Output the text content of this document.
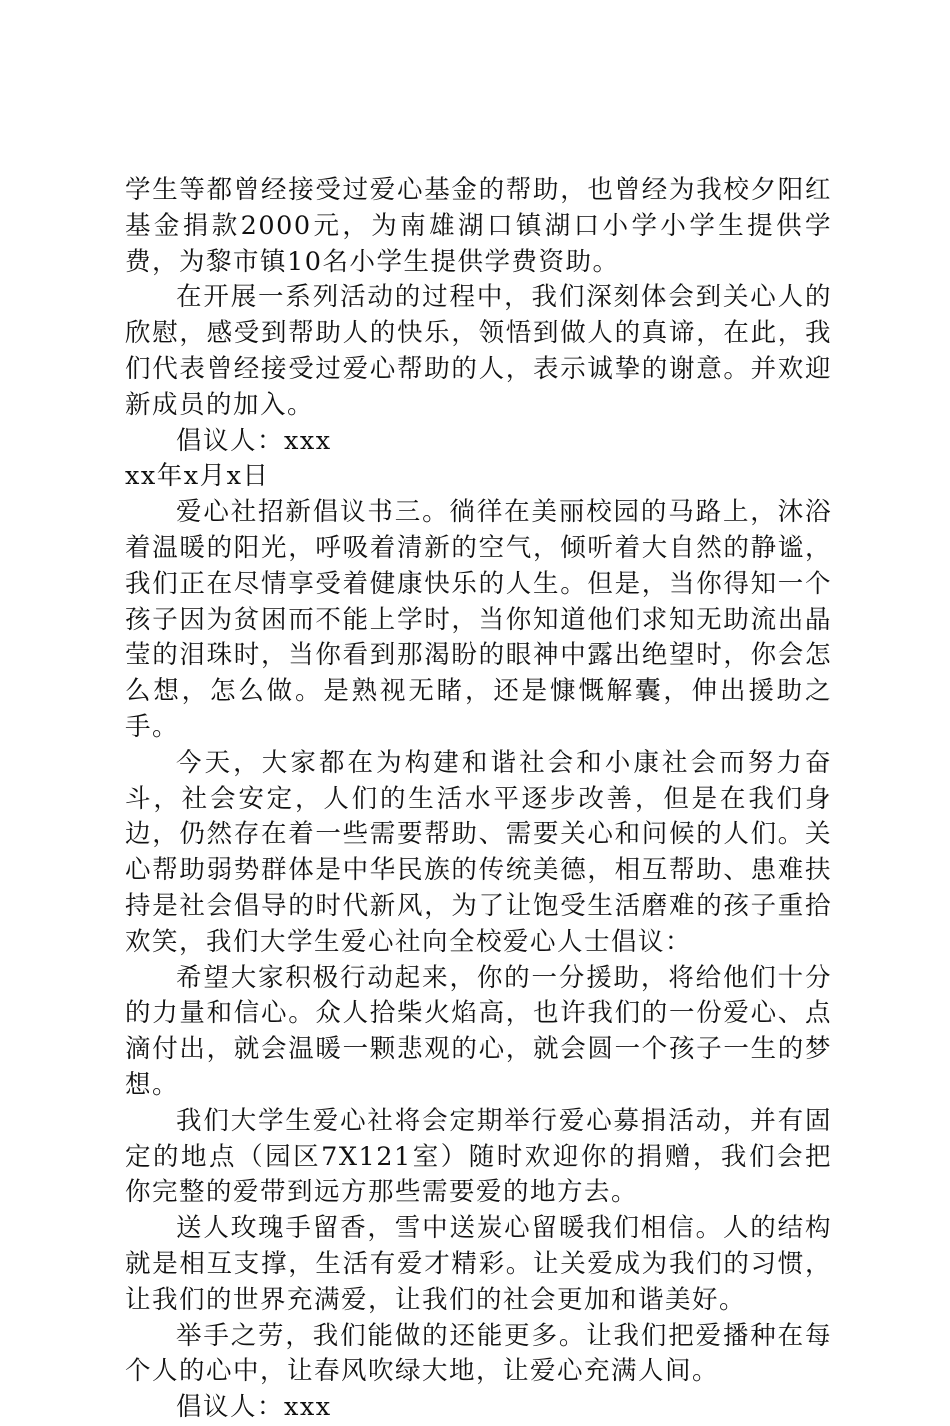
学生等都曾经接受过爱心基金的帮助，也曾经为我校夕阳红基金捐款2000元，为南雄湖口镇湖口小学小学生提供学费，为黎市镇10名小学生提供学费资助。

在开展一系列活动的过程中，我们深刻体会到关心人的欣慰，感受到帮助人的快乐，领悟到做人的真谛，在此，我们代表曾经接受过爱心帮助的人，表示诚挚的谢意。并欢迎新成员的加入。

倡议人：xxx

xx年x月x日

爱心社招新倡议书三。徜徉在美丽校园的马路上，沐浴着温暖的阳光，呼吸着清新的空气，倾听着大自然的静谧，我们正在尽情享受着健康快乐的人生。但是，当你得知一个孩子因为贫困而不能上学时，当你知道他们求知无助流出晶莹的泪珠时，当你看到那渴盼的眼神中露出绝望时，你会怎么想，怎么做。是熟视无睹，还是慷慨解囊，伸出援助之手。

今天，大家都在为构建和谐社会和小康社会而努力奋斗，社会安定，人们的生活水平逐步改善，但是在我们身边，仍然存在着一些需要帮助、需要关心和问候的人们。关心帮助弱势群体是中华民族的传统美德，相互帮助、患难扶持是社会倡导的时代新风，为了让饱受生活磨难的孩子重拾欢笑，我们大学生爱心社向全校爱心人士倡议：

希望大家积极行动起来，你的一分援助，将给他们十分的力量和信心。众人拾柴火焰高，也许我们的一份爱心、点滴付出，就会温暖一颗悲观的心，就会圆一个孩子一生的梦想。

我们大学生爱心社将会定期举行爱心募捐活动，并有固定的地点（园区7X121室）随时欢迎你的捐赠，我们会把你完整的爱带到远方那些需要爱的地方去。

送人玫瑰手留香，雪中送炭心留暖我们相信。人的结构就是相互支撑，生活有爱才精彩。让关爱成为我们的习惯，让我们的世界充满爱，让我们的社会更加和谐美好。

举手之劳，我们能做的还能更多。让我们把爱播种在每个人的心中，让春风吹绿大地，让爱心充满人间。

倡议人：xxx
